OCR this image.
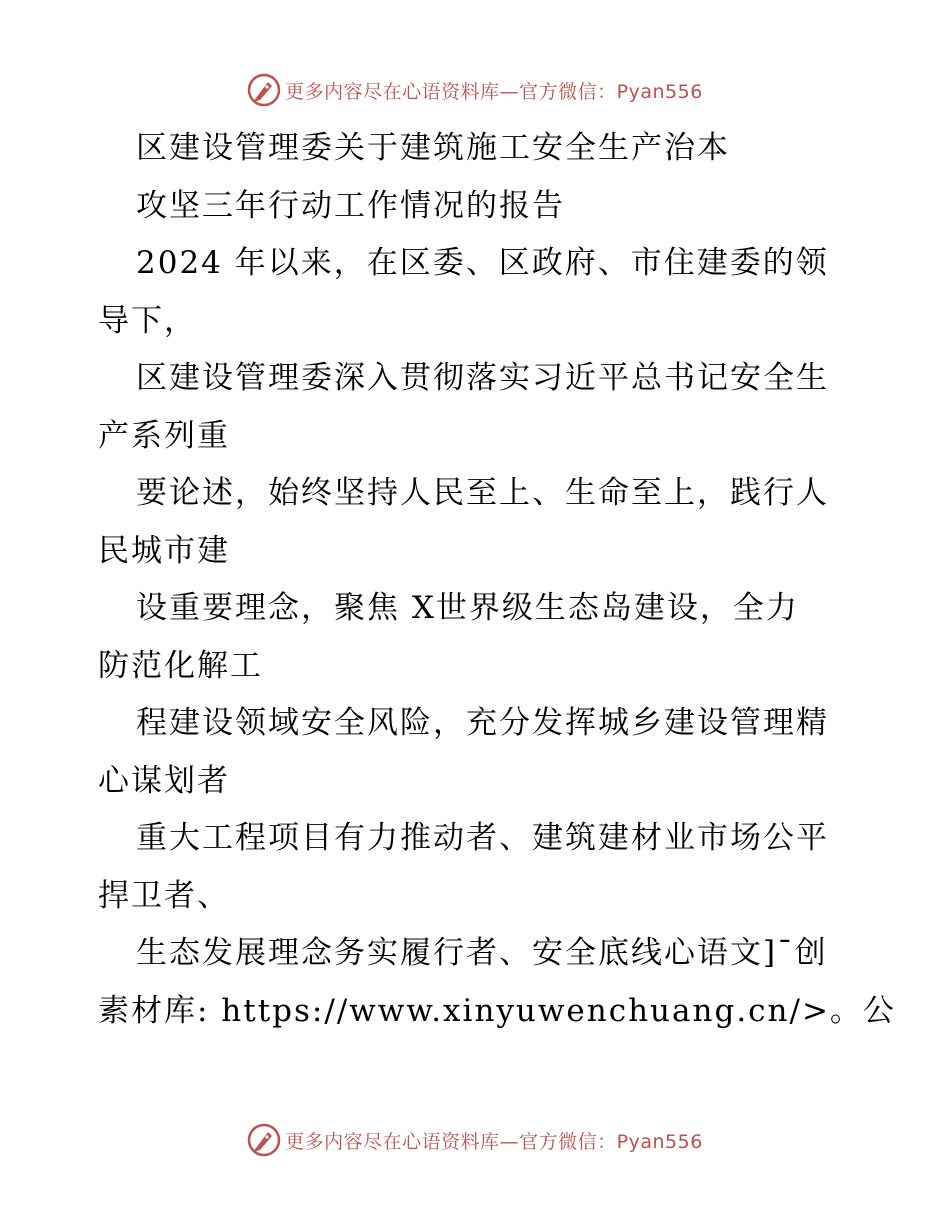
更多内容尽在心语资料库—官方微信：Pyan556
区建设管理委关于建筑施工安全生产治本
攻坚三年行动工作情况的报告
2024 年以来，在区委、区政府、市住建委的领
导下，
区建设管理委深入贯彻落实习近平总书记安全生
产系列重
要论述，始终坚持人民至上、生命至上，践行人
民城市建
设重要理念，聚焦 X世界级生态岛建设，全力
防范化解工
程建设领域安全风险，充分发挥城乡建设管理精
心谋划者
重大工程项目有力推动者、建筑建材业市场公平
捍卫者、
生态发展理念务实履行者、安全底线心语文]¯创
素材库: https://www.xinyuwenchuang.cn/>。公
更多内容尽在心语资料库—官方微信：Pyan556
